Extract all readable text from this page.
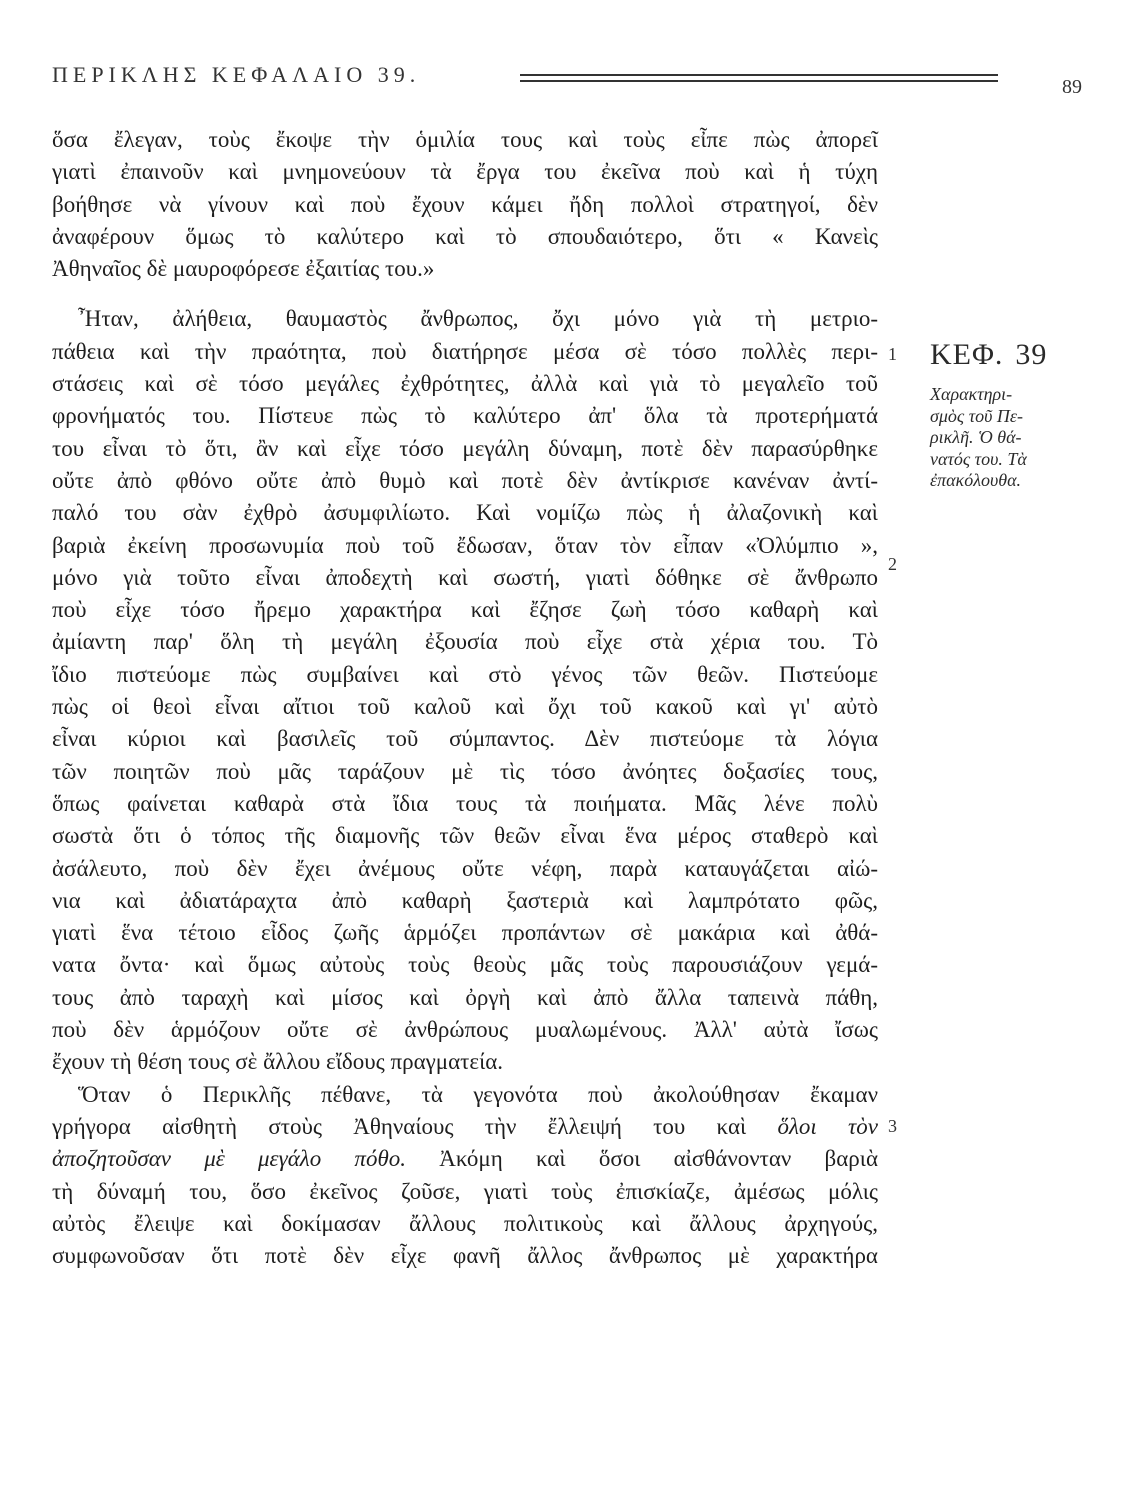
ΠΕΡΙΚΛΗΣ ΚΕΦΑΛΑΙΟ 39.	89
ὅσα ἔλεγαν, τοὺς ἔκοψε τὴν ὁμιλία τους καὶ τοὺς εἶπε πὼς ἀπορεῖ
γιατὶ ἐπαινοῦν καὶ μνημονεύουν τὰ ἔργα του ἐκεῖνα ποὺ καὶ ἡ τύχη
βοήθησε νὰ γίνουν καὶ ποὺ ἔχουν κάμει ἤδη πολλοὶ στρατηγοί, δὲν
ἀναφέρουν ὅμως τὸ καλύτερο καὶ τὸ σπουδαιότερο, ὅτι « Κανεὶς
Ἀθηναῖος δὲ μαυροφόρεσε ἐξαιτίας του.»
Ἦταν, ἀλήθεια, θαυμαστὸς ἄνθρωπος, ὄχι μόνο γιὰ τὴ μετριο-
πάθεια καὶ τὴν πραότητα, ποὺ διατήρησε μέσα σὲ τόσο πολλὲς περι-
στάσεις καὶ σὲ τόσο μεγάλες ἐχθρότητες, ἀλλὰ καὶ γιὰ τὸ μεγαλεῖο τοῦ
φρονήματός του. Πίστευε πὼς τὸ καλύτερο ἀπ' ὅλα τὰ προτερήματά
του εἶναι τὸ ὅτι, ἂν καὶ εἶχε τόσο μεγάλη δύναμη, ποτὲ δὲν παρασύρθηκε
οὔτε ἀπὸ φθόνο οὔτε ἀπὸ θυμὸ καὶ ποτὲ δὲν ἀντίκρισε κανέναν ἀντί-
παλό του σὰν ἐχθρὸ ἀσυμφιλίωτο. Καὶ νομίζω πὼς ἡ ἀλαζονικὴ καὶ
βαριὰ ἐκείνη προσωνυμία ποὺ τοῦ ἔδωσαν, ὅταν τὸν εἶπαν «Ὀλύμπιο »,
μόνο γιὰ τοῦτο εἶναι ἀποδεχτὴ καὶ σωστή, γιατὶ δόθηκε σὲ ἄνθρωπο
ποὺ εἶχε τόσο ἤρεμο χαρακτήρα καὶ ἔζησε ζωὴ τόσο καθαρὴ καὶ
ἀμίαντη παρ' ὅλη τὴ μεγάλη ἐξουσία ποὺ εἶχε στὰ χέρια του. Τὸ
ἴδιο πιστεύομε πὼς συμβαίνει καὶ στὸ γένος τῶν θεῶν. Πιστεύομε
πὼς οἱ θεοὶ εἶναι αἴτιοι τοῦ καλοῦ καὶ ὄχι τοῦ κακοῦ καὶ γι' αὐτὸ
εἶναι κύριοι καὶ βασιλεῖς τοῦ σύμπαντος. Δὲν πιστεύομε τὰ λόγια
τῶν ποιητῶν ποὺ μᾶς ταράζουν μὲ τὶς τόσο ἀνόητες δοξασίες τους,
ὅπως φαίνεται καθαρὰ στὰ ἴδια τους τὰ ποιήματα. Μᾶς λένε πολὺ
σωστὰ ὅτι ὁ τόπος τῆς διαμονῆς τῶν θεῶν εἶναι ἕνα μέρος σταθερὸ καὶ
ἀσάλευτο, ποὺ δὲν ἔχει ἀνέμους οὔτε νέφη, παρὰ καταυγάζεται αἰώ-
νια καὶ ἀδιατάραχτα ἀπὸ καθαρὴ ξαστεριὰ καὶ λαμπρότατο φῶς,
γιατὶ ἕνα τέτοιο εἶδος ζωῆς ἁρμόζει προπάντων σὲ μακάρια καὶ ἀθά-
νατα ὄντα· καὶ ὅμως αὐτοὺς τοὺς θεοὺς μᾶς τοὺς παρουσιάζουν γεμά-
τους ἀπὸ ταραχὴ καὶ μίσος καὶ ὀργὴ καὶ ἀπὸ ἄλλα ταπεινὰ πάθη,
ποὺ δὲν ἁρμόζουν οὔτε σὲ ἀνθρώπους μυαλωμένους. Ἀλλ' αὐτὰ ἴσως
ἔχουν τὴ θέση τους σὲ ἄλλου εἴδους πραγματεία.
Ὅταν ὁ Περικλῆς πέθανε, τὰ γεγονότα ποὺ ἀκολούθησαν ἔκαμαν
γρήγορα αἰσθητὴ στοὺς Ἀθηναίους τὴν ἔλλειψή του καὶ ὅλοι τὸν
ἀποζητοῦσαν μὲ μεγάλο πόθο. Ἀκόμη καὶ ὅσοι αἰσθάνονταν βαριὰ
τὴ δύναμή του, ὅσο ἐκεῖνος ζοῦσε, γιατὶ τοὺς ἐπισκίαζε, ἀμέσως μόλις
αὐτὸς ἔλειψε καὶ δοκίμασαν ἄλλους πολιτικοὺς καὶ ἄλλους ἀρχηγούς,
συμφωνοῦσαν ὅτι ποτὲ δὲν εἶχε φανῆ ἄλλος ἄνθρωπος μὲ χαρακτήρα
1
2
3
ΚΕΦ. 39
Χαρακτηρι-
σμὸς τοῦ Πε-
ρικλῆ. Ὁ θά-
νατός του. Τὰ
ἐπακόλουθα.
